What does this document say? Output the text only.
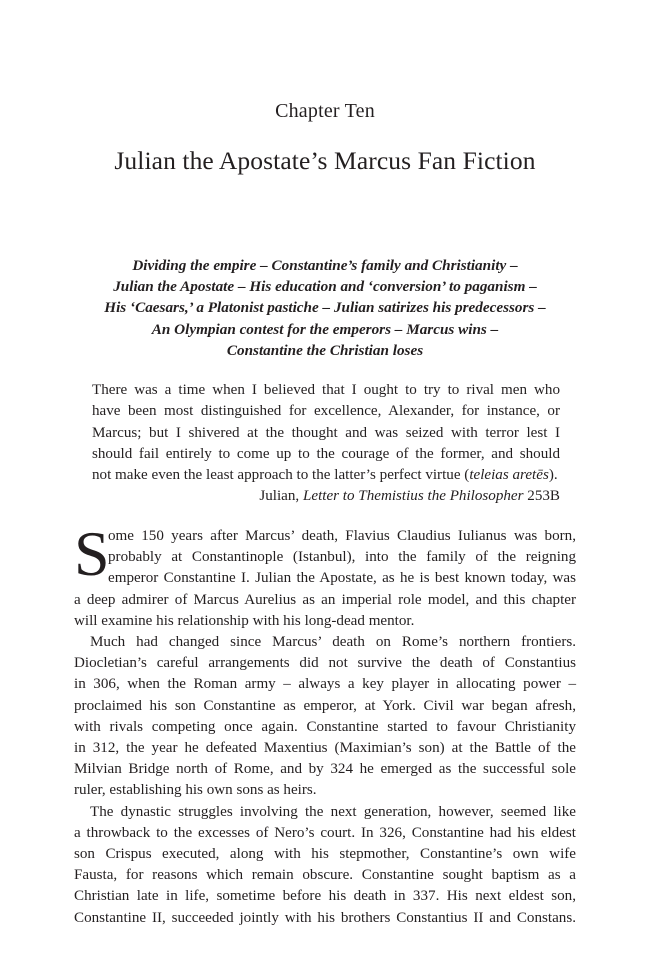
Chapter Ten
Julian the Apostate’s Marcus Fan Fiction
Dividing the empire – Constantine’s family and Christianity –
Julian the Apostate – His education and ‘conversion’ to paganism –
His ‘Caesars,’ a Platonist pastiche – Julian satirizes his predecessors –
An Olympian contest for the emperors – Marcus wins –
Constantine the Christian loses
There was a time when I believed that I ought to try to rival men who
have been most distinguished for excellence, Alexander, for instance, or
Marcus; but I shivered at the thought and was seized with terror lest I
should fail entirely to come up to the courage of the former, and should
not make even the least approach to the latter’s perfect virtue (teleias aretēs).
Julian, Letter to Themistius the Philosopher 253B
S
ome 150 years after Marcus’ death, Flavius Claudius Iulianus was born,
probably at Constantinople (Istanbul), into the family of the reigning
emperor Constantine I. Julian the Apostate, as he is best known today, was
a deep admirer of Marcus Aurelius as an imperial role model, and this chapter
will examine his relationship with his long-dead mentor.
Much had changed since Marcus’ death on Rome’s northern frontiers.
Diocletian’s careful arrangements did not survive the death of Constantius
in 306, when the Roman army – always a key player in allocating power –
proclaimed his son Constantine as emperor, at York. Civil war began afresh,
with rivals competing once again. Constantine started to favour Christianity
in 312, the year he defeated Maxentius (Maximian’s son) at the Battle of the
Milvian Bridge north of Rome, and by 324 he emerged as the successful sole
ruler, establishing his own sons as heirs.
The dynastic struggles involving the next generation, however, seemed like
a throwback to the excesses of Nero’s court. In 326, Constantine had his eldest
son Crispus executed, along with his stepmother, Constantine’s own wife
Fausta, for reasons which remain obscure. Constantine sought baptism as a
Christian late in life, sometime before his death in 337. His next eldest son,
Constantine II, succeeded jointly with his brothers Constantius II and Constans.
